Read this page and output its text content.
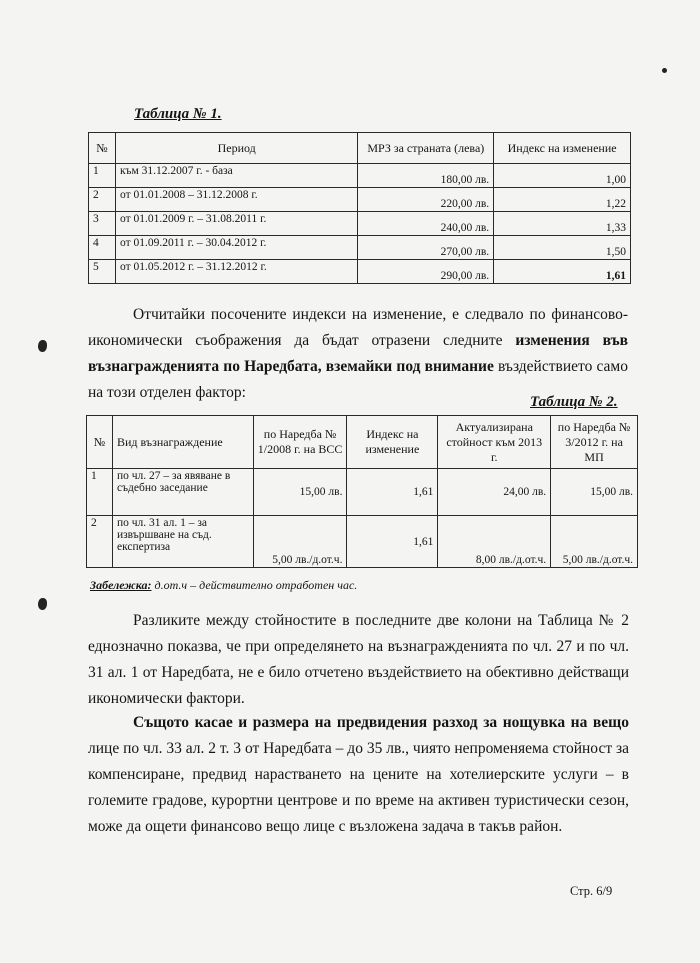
Таблица № 1.
№	Период	МРЗ за страната (лева)	Индекс на изменение
1	към 31.12.2007 г. - база	180,00 лв.	1,00
2	от 01.01.2008 – 31.12.2008 г.	220,00 лв.	1,22
3	от 01.01.2009 г. – 31.08.2011 г.	240,00 лв.	1,33
4	от 01.09.2011 г. – 30.04.2012 г.	270,00 лв.	1,50
5	от 01.05.2012 г. – 31.12.2012 г.	290,00 лв.	1,61

Отчитайки посочените индекси на изменение, е следвало по финансово-икономически съображения да бъдат отразени следните изменения във възнагражденията по Наредбата, вземайки под внимание въздействието само на този отделен фактор:

Таблица № 2.
№	Вид възнаграждение	по Наредба № 1/2008 г. на ВСС	Индекс на изменение	Актуализирана стойност към 2013 г.	по Наредба № 3/2012 г. на МП
1	по чл. 27 – за явяване в съдебно заседание	15,00 лв.	1,61	24,00 лв.	15,00 лв.
2	по чл. 31 ал. 1 – за извършване на съд. експертиза	5,00 лв./д.от.ч.	1,61	8,00 лв./д.от.ч.	5,00 лв./д.от.ч.
Забележка: д.от.ч – действително отработен час.

Разликите между стойностите в последните две колони на Таблица № 2 еднозначно показва, че при определянето на възнагражденията по чл. 27 и по чл. 31 ал. 1 от Наредбата, не е било отчетено въздействието на обективно действащи икономически фактори.

Същото касае и размера на предвидения разход за нощувка на вещо лице по чл. 33 ал. 2 т. 3 от Наредбата – до 35 лв., чиято непроменяема стойност за компенсиране, предвид нарастването на цените на хотелиерските услуги – в големите градове, курортни центрове и по време на активен туристически сезон, може да ощети финансово вещо лице с възложена задача в такъв район.

Стр. 6/9
